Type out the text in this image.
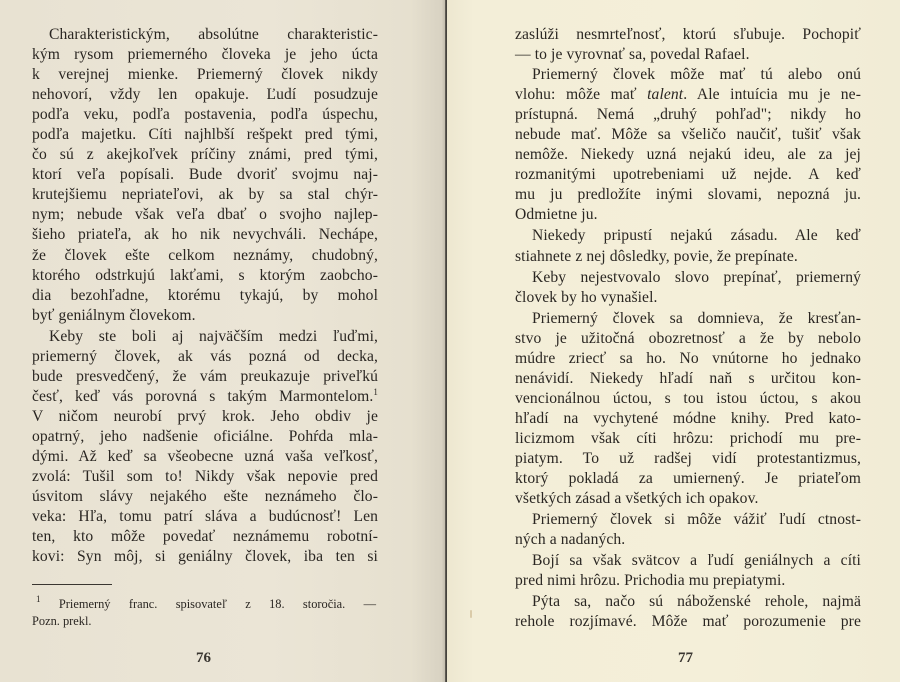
Charakteristickým, absolútne charakteristic-
kým rysom priemerného človeka je jeho úcta
k verejnej mienke. Priemerný človek nikdy
nehovorí, vždy len opakuje. Ľudí posudzuje
podľa veku, podľa postavenia, podľa úspechu,
podľa majetku. Cíti najhlbší rešpekt pred tými,
čo sú z akejkoľvek príčiny známi, pred tými,
ktorí veľa popísali. Bude dvoriť svojmu naj-
krutejšiemu nepriateľovi, ak by sa stal chýr-
nym; nebude však veľa dbať o svojho najlep-
šieho priateľa, ak ho nik nevychváli. Nechápe,
že človek ešte celkom neznámy, chudobný,
ktorého odstrkujú lakťami, s ktorým zaobcho-
dia bezohľadne, ktorému tykajú, by mohol
byť geniálnym človekom.
Keby ste boli aj najväčším medzi ľuďmi,
priemerný človek, ak vás pozná od decka,
bude presvedčený, že vám preukazuje priveľkú
česť, keď vás porovná s takým Marmontelom.$^1$
V ničom neurobí prvý krok. Jeho obdiv je
opatrný, jeho nadšenie oficiálne. Pohŕda mla-
dými. Až keď sa všeobecne uzná vaša veľkosť,
zvolá: Tušil som to! Nikdy však nepovie pred
úsvitom slávy nejakého ešte neznámeho člo-
veka: Hľa, tomu patrí sláva a budúcnosť! Len
ten, kto môže povedať neznámemu robotní-
kovi: Syn môj, si geniálny človek, iba ten si
$^1$ Priemerný franc. spisovateľ z 18. storočia. —
Pozn. prekl.
76	77
zaslúži nesmrteľnosť, ktorú sľubuje. Pochopiť
— to je vyrovnať sa, povedal Rafael.
Priemerný človek môže mať tú alebo onú
vlohu: môže mať talent. Ale intuícia mu je ne-
prístupná. Nemá „druhý pohľad"; nikdy ho
nebude mať. Môže sa všeličo naučiť, tušiť však
nemôže. Niekedy uzná nejakú ideu, ale za jej
rozmanitými upotrebeniami už nejde. A keď
mu ju predložíte inými slovami, nepozná ju.
Odmietne ju.
Niekedy pripustí nejakú zásadu. Ale keď
stiahnete z nej dôsledky, povie, že prepínate.
Keby nejestvovalo slovo prepínať, priemerný
človek by ho vynašiel.
Priemerný človek sa domnieva, že kresťan-
stvo je užitočná obozretnosť a že by nebolo
múdre zriecť sa ho. No vnútorne ho jednako
nenávidí. Niekedy hľadí naň s určitou kon-
vencionálnou úctou, s tou istou úctou, s akou
hľadí na vychytené módne knihy. Pred kato-
licizmom však cíti hrôzu: prichodí mu pre-
piatym. To už radšej vidí protestantizmus,
ktorý pokladá za umiernený. Je priateľom
všetkých zásad a všetkých ich opakov.
Priemerný človek si môže vážiť ľudí ctnost-
ných a nadaných.
Bojí sa však svätcov a ľudí geniálnych a cíti
pred nimi hrôzu. Prichodia mu prepiatymi.
Pýta sa, načo sú náboženské rehole, najmä
rehole rozjímavé. Môže mať porozumenie pre
